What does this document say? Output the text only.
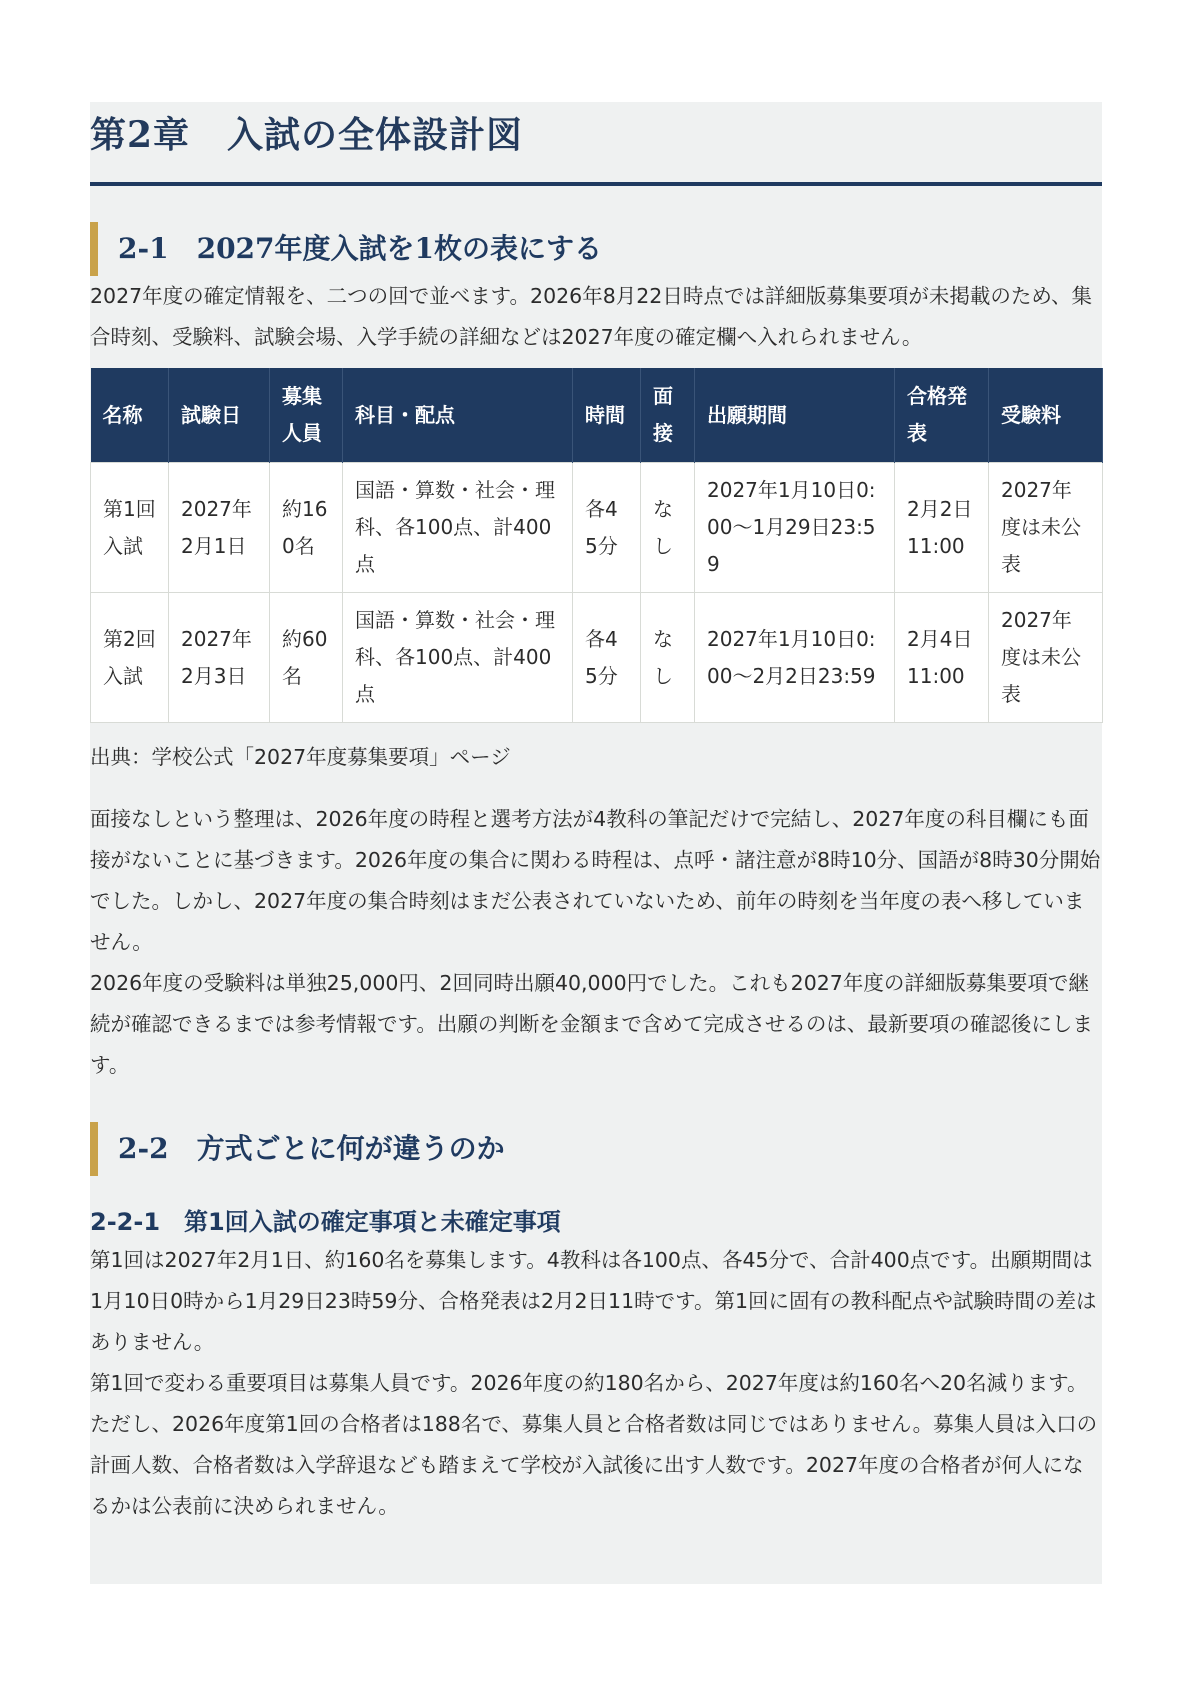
第2章　入試の全体設計図
2-1　2027年度入試を1枚の表にする

2027年度の確定情報を、二つの回で並べます。2026年8月22日時点では詳細版募集要項が未掲載のため、集合時刻、受験料、試験会場、入学手続の詳細などは2027年度の確定欄へ入れられません。

名称	試験日	募集人員	科目・配点	時間	面接	出願期間	合格発表	受験料
第1回入試	2027年2月1日	約160名	国語・算数・社会・理科、各100点、計400点	各45分	なし	2027年1月10日0:00〜1月29日23:59	2月2日11:00	2027年度は未公表
第2回入試	2027年2月3日	約60名	国語・算数・社会・理科、各100点、計400点	各45分	なし	2027年1月10日0:00〜2月2日23:59	2月4日11:00	2027年度は未公表

出典：学校公式「2027年度募集要項」ページ

面接なしという整理は、2026年度の時程と選考方法が4教科の筆記だけで完結し、2027年度の科目欄にも面接がないことに基づきます。2026年度の集合に関わる時程は、点呼・諸注意が8時10分、国語が8時30分開始でした。しかし、2027年度の集合時刻はまだ公表されていないため、前年の時刻を当年度の表へ移していません。

2026年度の受験料は単独25,000円、2回同時出願40,000円でした。これも2027年度の詳細版募集要項で継続が確認できるまでは参考情報です。出願の判断を金額まで含めて完成させるのは、最新要項の確認後にします。

2-2　方式ごとに何が違うのか
2-2-1　第1回入試の確定事項と未確定事項

第1回は2027年2月1日、約160名を募集します。4教科は各100点、各45分で、合計400点です。出願期間は1月10日0時から1月29日23時59分、合格発表は2月2日11時です。第1回に固有の教科配点や試験時間の差はありません。

第1回で変わる重要項目は募集人員です。2026年度の約180名から、2027年度は約160名へ20名減ります。ただし、2026年度第1回の合格者は188名で、募集人員と合格者数は同じではありません。募集人員は入口の計画人数、合格者数は入学辞退なども踏まえて学校が入試後に出す人数です。2027年度の合格者が何人になるかは公表前に決められません。
